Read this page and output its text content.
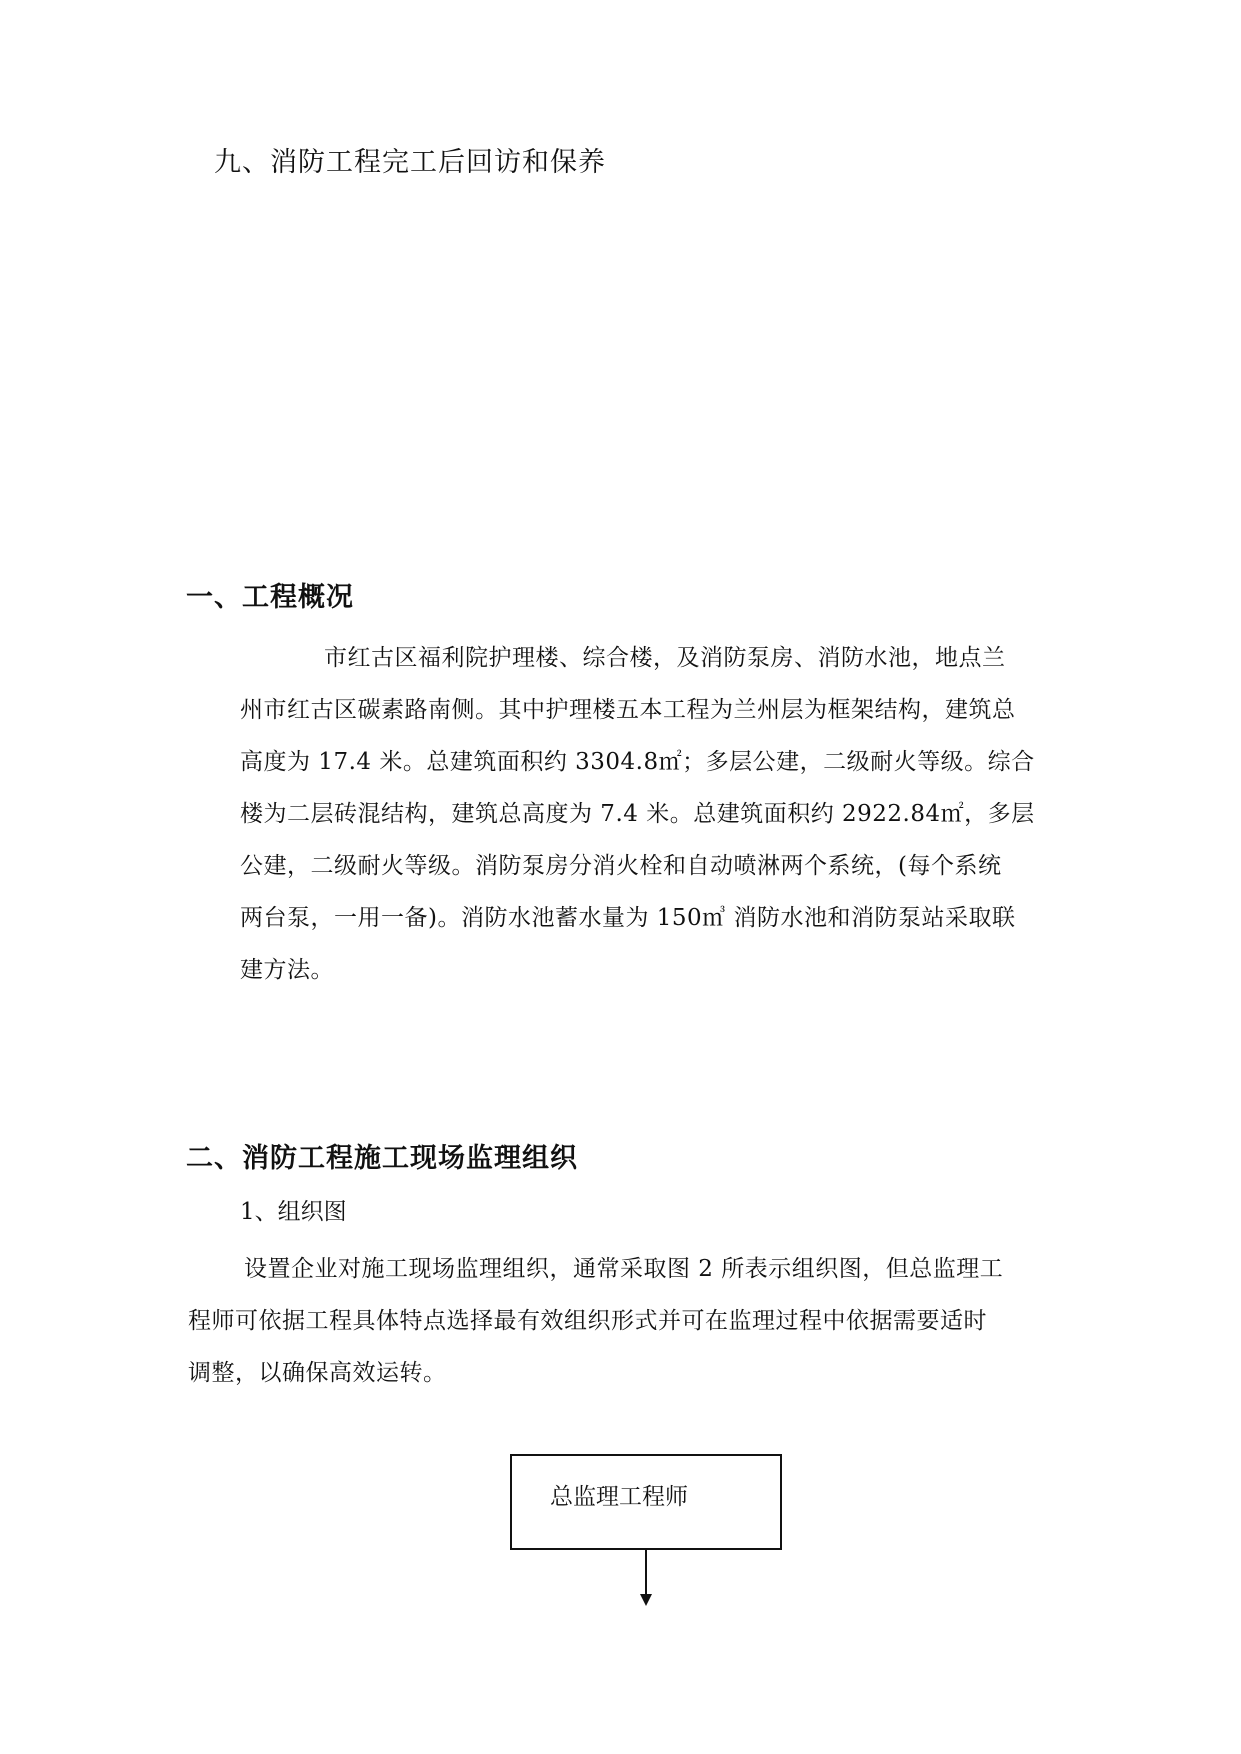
九、消防工程完工后回访和保养
一、工程概况
市红古区福利院护理楼、综合楼，及消防泵房、消防水池，地点兰
州市红古区碳素路南侧。其中护理楼五本工程为兰州层为框架结构，建筑总
高度为 17.4 米。总建筑面积约 3304.8㎡；多层公建，二级耐火等级。综合
楼为二层砖混结构，建筑总高度为 7.4 米。总建筑面积约 2922.84㎡，多层
公建，二级耐火等级。消防泵房分消火栓和自动喷淋两个系统，(每个系统
两台泵，一用一备)。消防水池蓄水量为 150㎥ 消防水池和消防泵站采取联
建方法。
二、消防工程施工现场监理组织
1、组织图
设置企业对施工现场监理组织，通常采取图 2 所表示组织图，但总监理工
程师可依据工程具体特点选择最有效组织形式并可在监理过程中依据需要适时
调整，以确保高效运转。
总监理工程师
